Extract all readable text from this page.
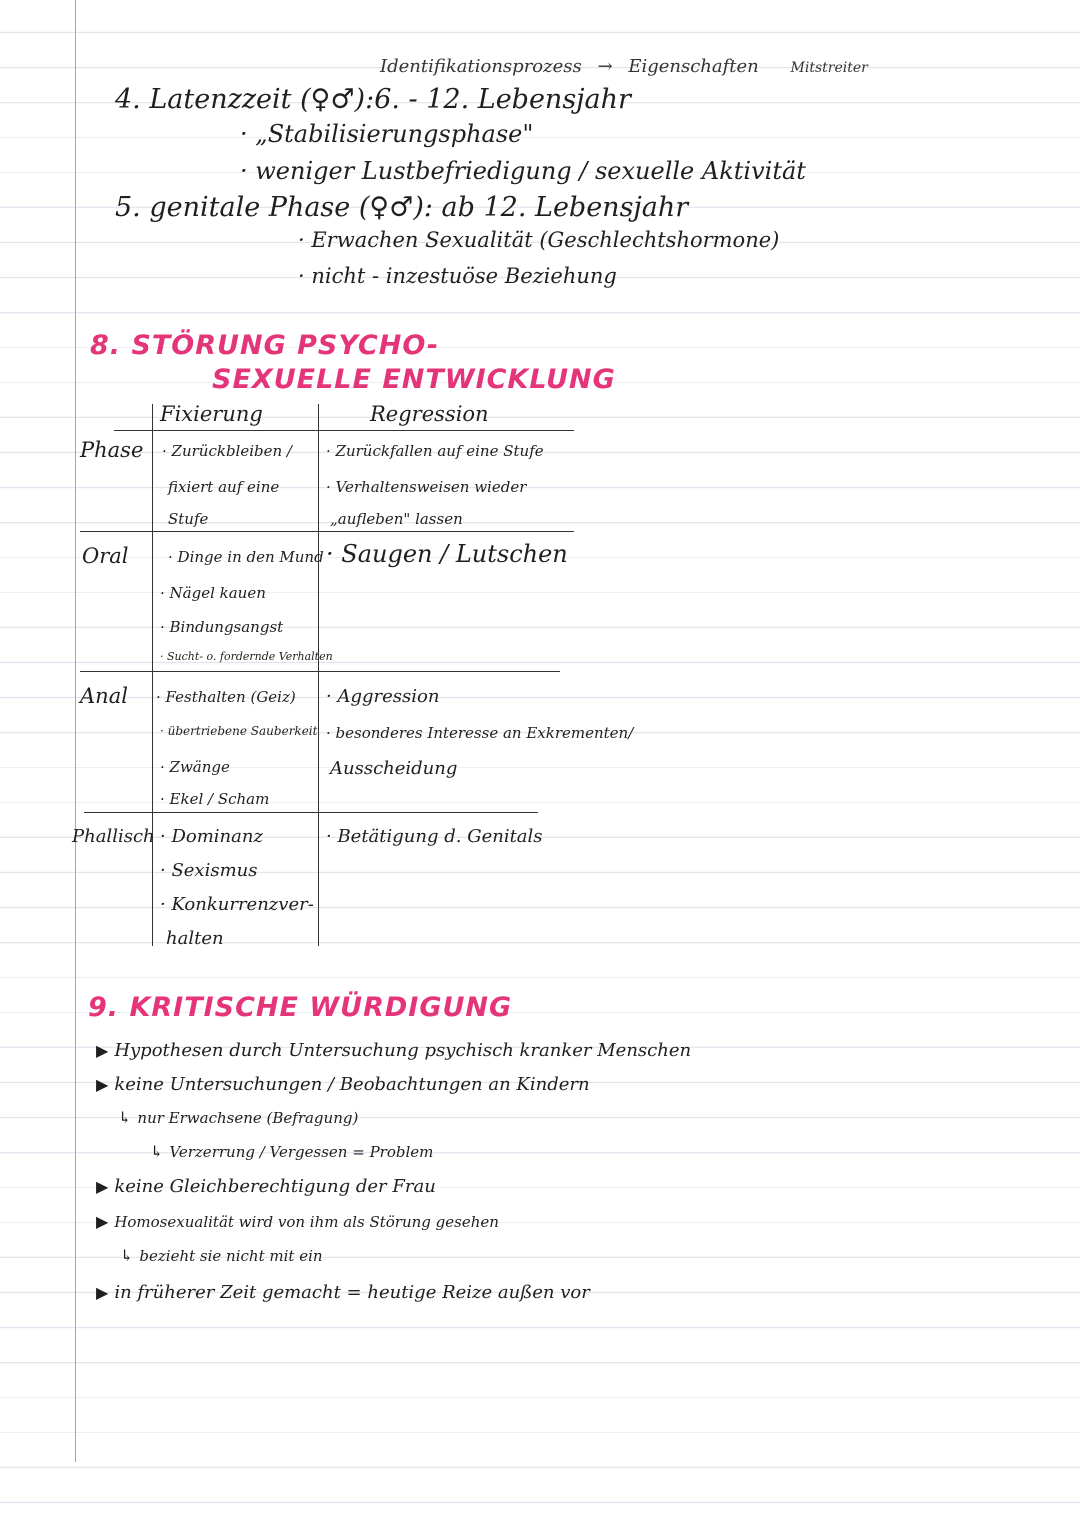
Identifikationsprozess → Eigenschaften Mitstreiter
4. Latenzzeit (♀♂):6. - 12. Lebensjahr
· „Stabilisierungsphase"
· weniger Lustbefriedigung / sexuelle Aktivität
5. genitale Phase (♀♂): ab 12. Lebensjahr
· Erwachen Sexualität (Geschlechtshormone)
· nicht - inzestuöse Beziehung
8. STÖRUNG PSYCHO-
SEXUELLE ENTWICKLUNG
Fixierung	Regression
Phase · Zurückbleiben /
fixiert auf eine
Stufe
· Zurückfallen auf eine Stufe
· Verhaltensweisen wieder
„aufleben" lassen
Oral	· Dinge in den Mund
· Nägel kauen
· Bindungsangst
· Sucht- o. fordernde Verhalten
· Saugen / Lutschen
Anal · Festhalten (Geiz)
· übertriebene Sauberkeit
· Zwänge
· Ekel / Scham
· Aggression
· besonderes Interesse an Exkrementen/
Ausscheidung
Phallisch · Dominanz
· Sexismus
· Konkurrenzver-
halten
· Betätigung d. Genitals
9. KRITISCHE WÜRDIGUNG
▶ Hypothesen durch Untersuchung psychisch kranker Menschen
▶ keine Untersuchungen / Beobachtungen an Kindern
↳ nur Erwachsene (Befragung)
↳ Verzerrung / Vergessen = Problem
▶ keine Gleichberechtigung der Frau
▶ Homosexualität wird von ihm als Störung gesehen
↳ bezieht sie nicht mit ein
▶ in früherer Zeit gemacht = heutige Reize außen vor
